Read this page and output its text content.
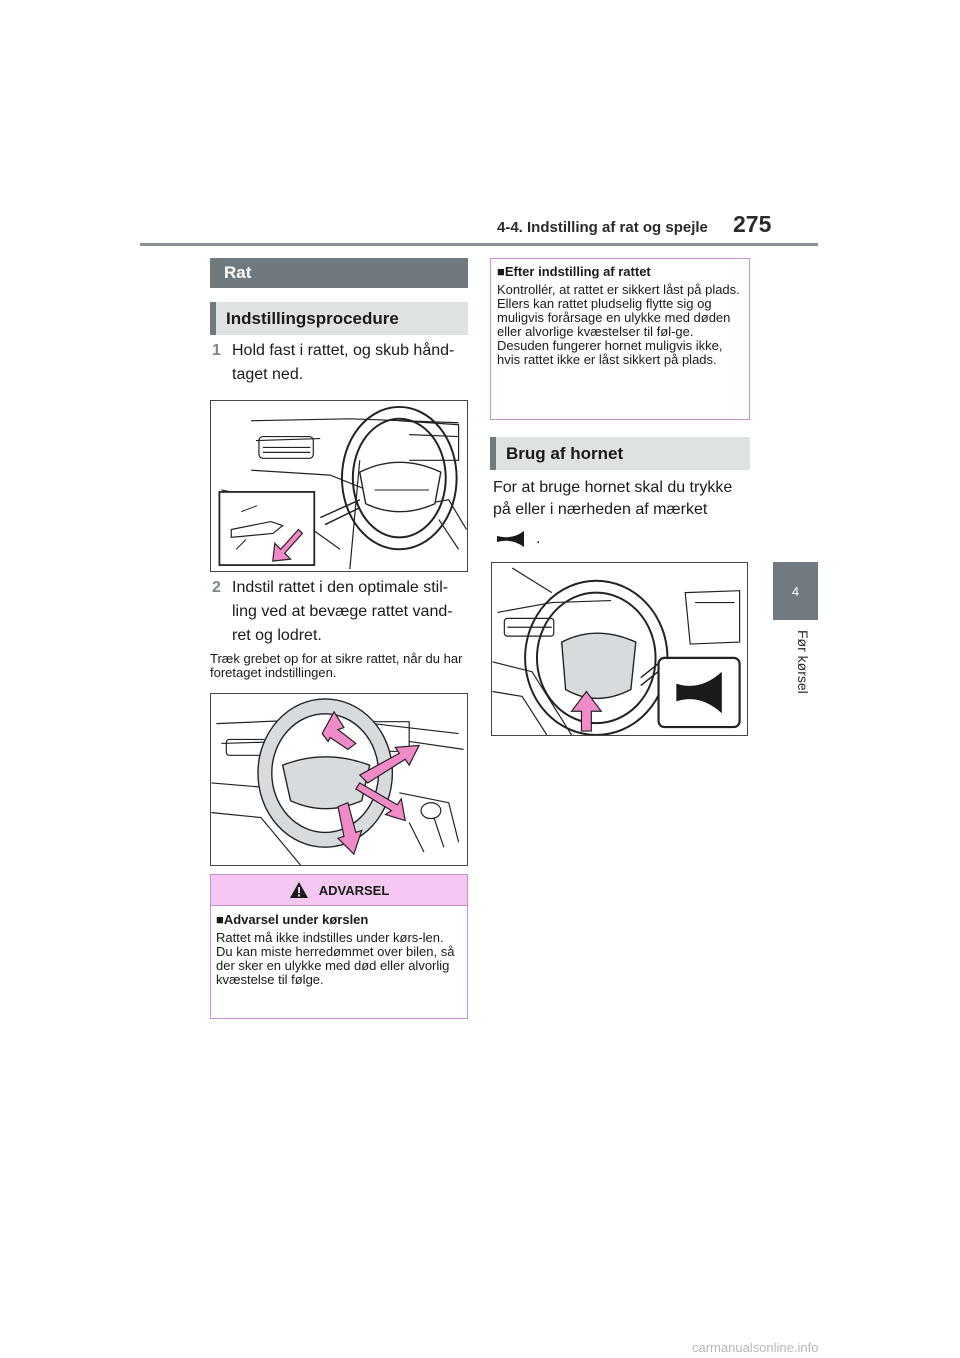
4-4. Indstilling af rat og spejle 275
4
Før kørsel
Rat
Indstillingsprocedure
1 Hold fast i rattet, og skub hånd-taget ned.
2 Indstil rattet i den optimale stil-ling ved at bevæge rattet vand-ret og lodret.
Træk grebet op for at sikre rattet, når du har foretaget indstillingen.
ADVARSEL
■Advarsel under kørslen
Rattet må ikke indstilles under kørs-len. Du kan miste herredømmet over bilen, så der sker en ulykke med død eller alvorlig kvæstelse til følge.
■Efter indstilling af rattet
Kontrollér, at rattet er sikkert låst på plads. Ellers kan rattet pludselig flytte sig og muligvis forårsage en ulykke med døden eller alvorlige kvæstelser til føl-ge. Desuden fungerer hornet muligvis ikke, hvis rattet ikke er låst sikkert på plads.
Brug af hornet
For at bruge hornet skal du trykke på eller i nærheden af mærket
.
carmanualsonline.info
